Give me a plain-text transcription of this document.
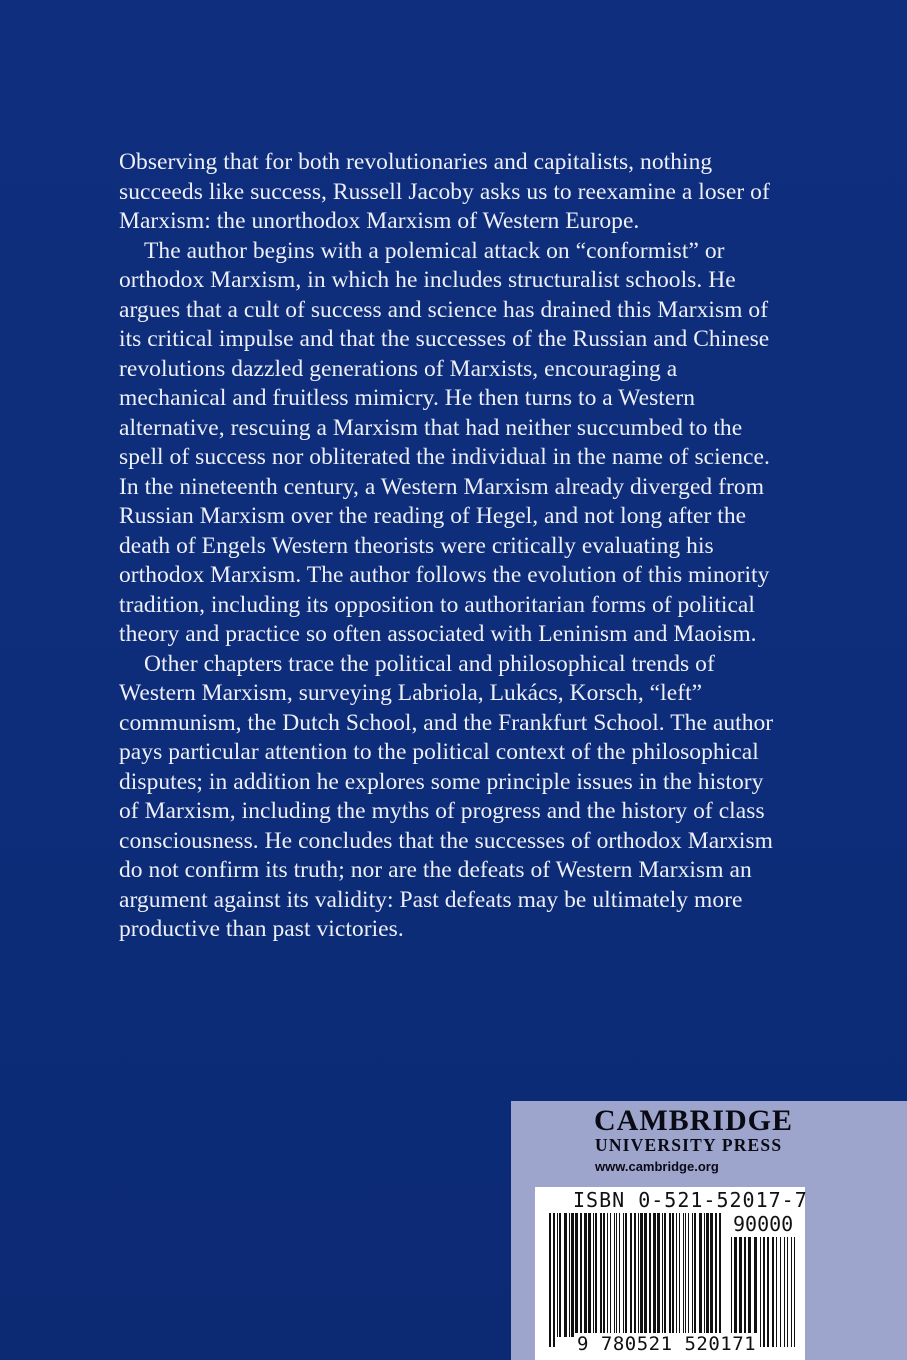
Observing that for both revolutionaries and capitalists, nothing succeeds like success, Russell Jacoby asks us to reexamine a loser of Marxism: the unorthodox Marxism of Western Europe.

The author begins with a polemical attack on “conformist” or orthodox Marxism, in which he includes structuralist schools. He argues that a cult of success and science has drained this Marxism of its critical impulse and that the successes of the Russian and Chinese revolutions dazzled generations of Marxists, encouraging a mechanical and fruitless mimicry. He then turns to a Western alternative, rescuing a Marxism that had neither succumbed to the spell of success nor obliterated the individual in the name of science. In the nineteenth century, a Western Marxism already diverged from Russian Marxism over the reading of Hegel, and not long after the death of Engels Western theorists were critically evaluating his orthodox Marxism. The author follows the evolution of this minority tradition, including its opposition to authoritarian forms of political theory and practice so often associated with Leninism and Maoism.

Other chapters trace the political and philosophical trends of Western Marxism, surveying Labriola, Lukács, Korsch, “left” communism, the Dutch School, and the Frankfurt School. The author pays particular attention to the political context of the philosophical disputes; in addition he explores some principle issues in the history of Marxism, including the myths of progress and the history of class consciousness. He concludes that the successes of orthodox Marxism do not confirm its truth; nor are the defeats of Western Marxism an argument against its validity: Past defeats may be ultimately more productive than past victories.

CAMBRIDGE
UNIVERSITY PRESS
www.cambridge.org
ISBN 0-521-52017-7
90000
9 780521 520171
